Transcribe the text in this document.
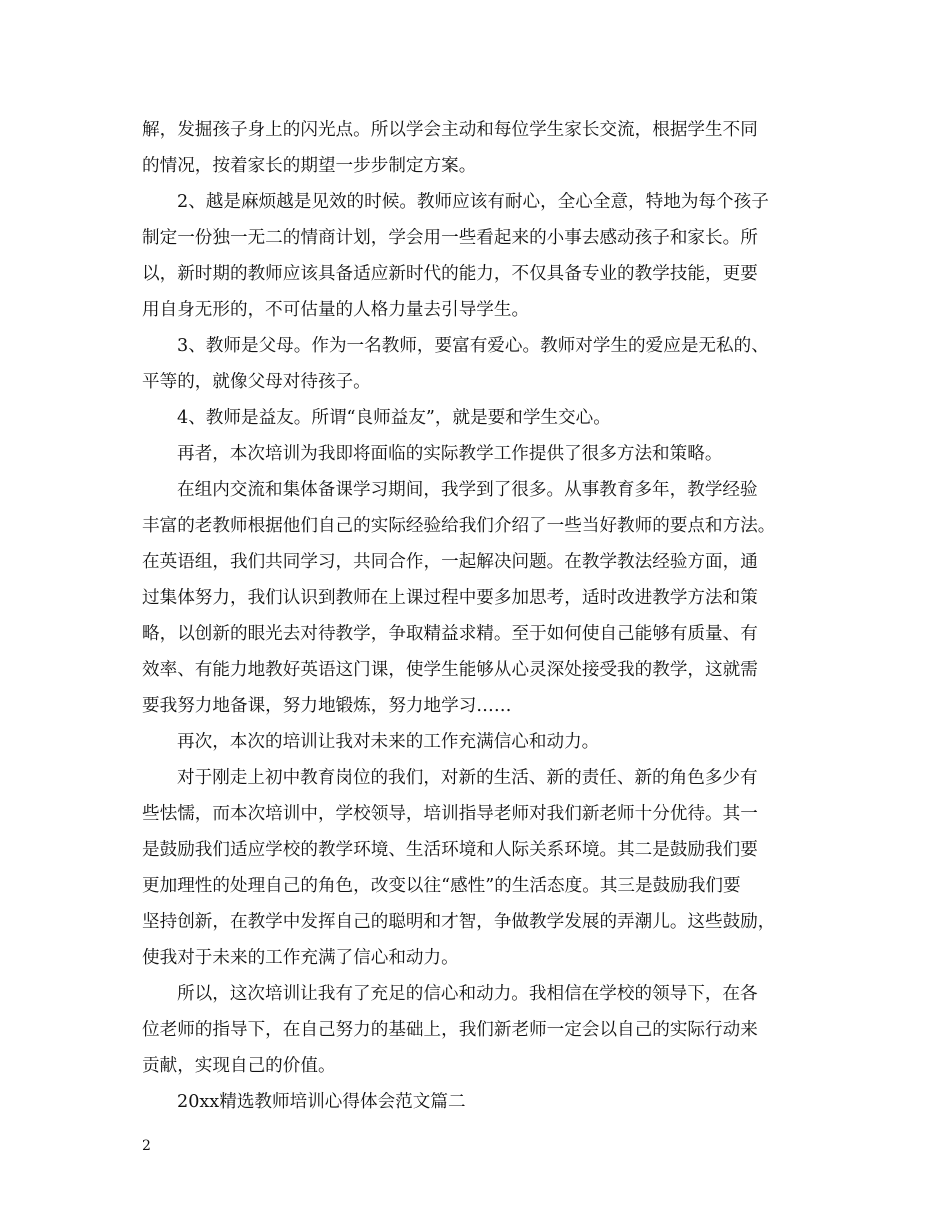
解，发掘孩子身上的闪光点。所以学会主动和每位学生家长交流，根据学生不同
的情况，按着家长的期望一步步制定方案。
2、越是麻烦越是见效的时候。教师应该有耐心，全心全意，特地为每个孩子
制定一份独一无二的情商计划，学会用一些看起来的小事去感动孩子和家长。所
以，新时期的教师应该具备适应新时代的能力，不仅具备专业的教学技能，更要
用自身无形的，不可估量的人格力量去引导学生。
3、教师是父母。作为一名教师，要富有爱心。教师对学生的爱应是无私的、
平等的，就像父母对待孩子。
4、教师是益友。所谓“良师益友”，就是要和学生交心。
再者，本次培训为我即将面临的实际教学工作提供了很多方法和策略。
在组内交流和集体备课学习期间，我学到了很多。从事教育多年，教学经验
丰富的老教师根据他们自己的实际经验给我们介绍了一些当好教师的要点和方法。
在英语组，我们共同学习，共同合作，一起解决问题。在教学教法经验方面，通
过集体努力，我们认识到教师在上课过程中要多加思考，适时改进教学方法和策
略，以创新的眼光去对待教学，争取精益求精。至于如何使自己能够有质量、有
效率、有能力地教好英语这门课，使学生能够从心灵深处接受我的教学，这就需
要我努力地备课，努力地锻炼，努力地学习……
再次，本次的培训让我对未来的工作充满信心和动力。
对于刚走上初中教育岗位的我们，对新的生活、新的责任、新的角色多少有
些怯懦，而本次培训中，学校领导，培训指导老师对我们新老师十分优待。其一
是鼓励我们适应学校的教学环境、生活环境和人际关系环境。其二是鼓励我们要
更加理性的处理自己的角色，改变以往“感性”的生活态度。其三是鼓励我们要
坚持创新，在教学中发挥自己的聪明和才智，争做教学发展的弄潮儿。这些鼓励，
使我对于未来的工作充满了信心和动力。
所以，这次培训让我有了充足的信心和动力。我相信在学校的领导下，在各
位老师的指导下，在自己努力的基础上，我们新老师一定会以自己的实际行动来
贡献，实现自己的价值。
20xx精选教师培训心得体会范文篇二
2
